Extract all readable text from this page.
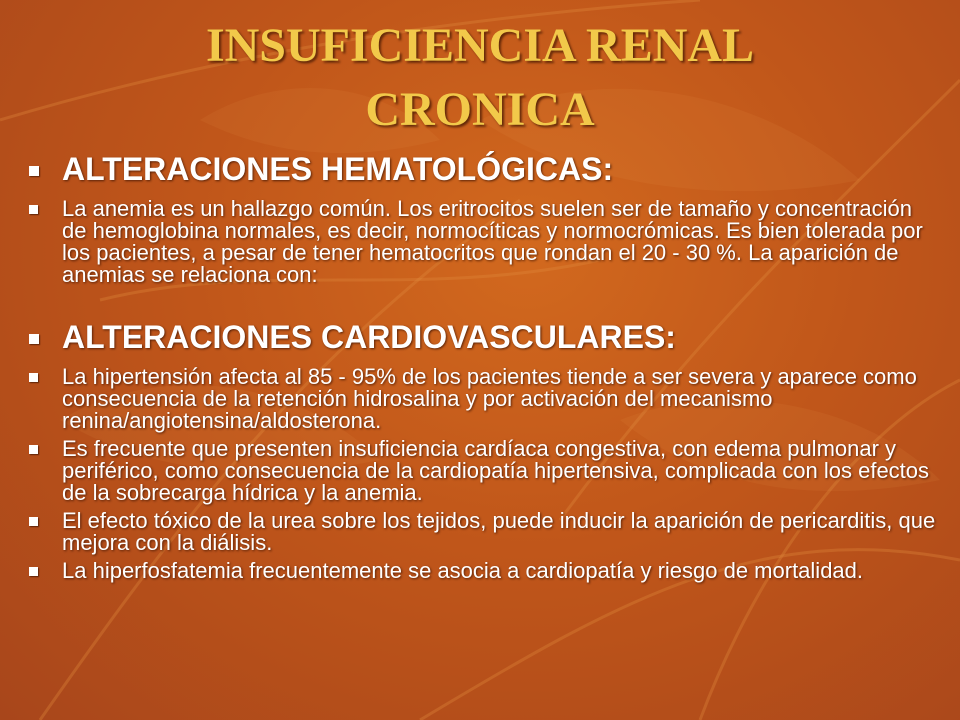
INSUFICIENCIA RENAL
CRONICA
ALTERACIONES HEMATOLÓGICAS:
La anemia es un hallazgo común. Los eritrocitos suelen ser de tamaño y concentración de hemoglobina normales, es decir, normocíticas y normocrómicas. Es bien tolerada por los pacientes, a pesar de tener hematocritos que rondan el 20 - 30 %. La aparición de anemias se relaciona con:
ALTERACIONES CARDIOVASCULARES:
La hipertensión afecta al 85 - 95% de los pacientes tiende a ser severa y aparece como consecuencia de la retención hidrosalina y por activación del mecanismo renina/angiotensina/aldosterona.
Es frecuente que presenten insuficiencia cardíaca congestiva, con edema pulmonar y periférico, como consecuencia de la cardiopatía hipertensiva, complicada con los efectos de la sobrecarga hídrica y la anemia.
El efecto tóxico de la urea sobre los tejidos, puede inducir la aparición de pericarditis, que mejora con la diálisis.
La hiperfosfatemia frecuentemente se asocia a cardiopatía y riesgo de mortalidad.
